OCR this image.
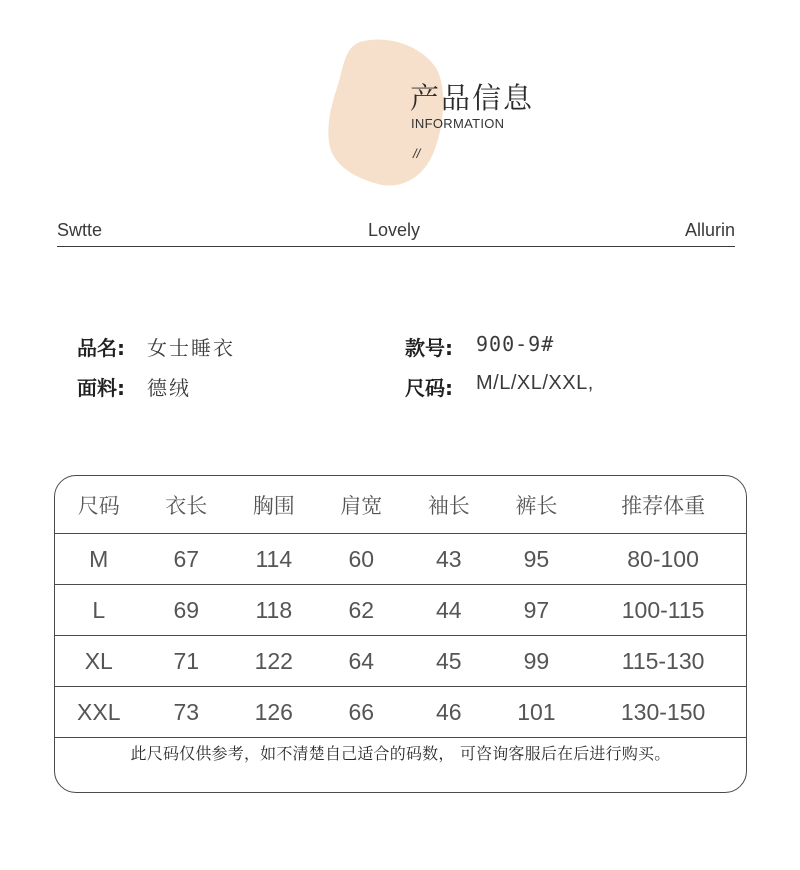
产品信息
INFORMATION
//
Swtte	Lovely	Allurin
品名: 女士睡衣	款号: 900-9#
面料: 德绒	尺码: M/L/XL/XXL,
尺码	衣长	胸围	肩宽	袖长	裤长	推荐体重
M	67	114	60	43	95	80-100
L	69	118	62	44	97	100-115
XL	71	122	64	45	99	115-130
XXL	73	126	66	46	101	130-150
此尺码仅供参考，如不清楚自己适合的码数， 可咨询客服后在后进行购买。
